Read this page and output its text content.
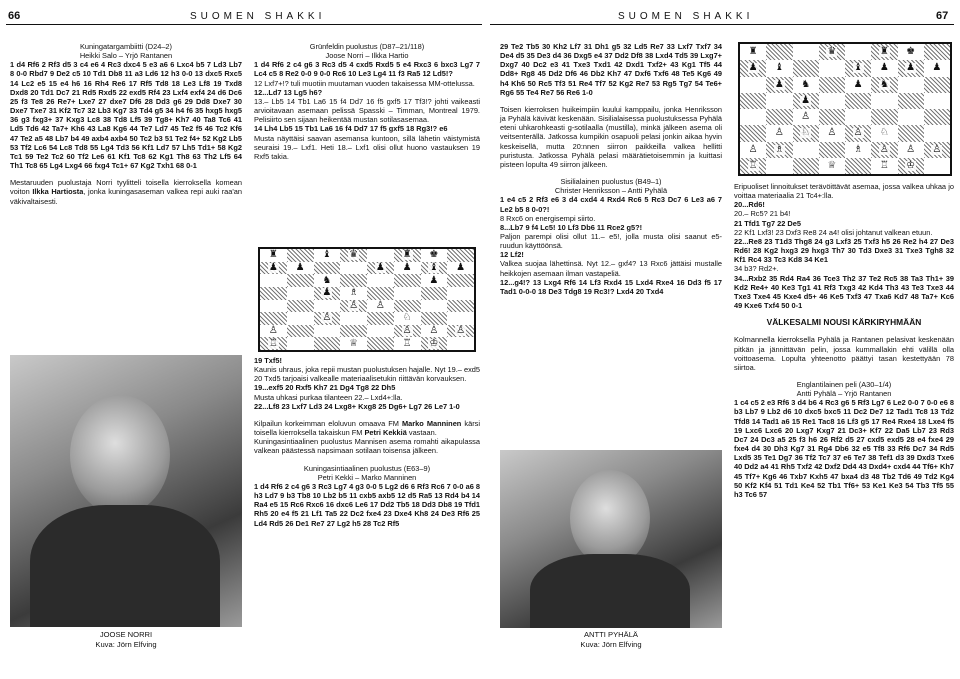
66	SUOMEN SHAKKI	SUOMEN SHAKKI	67

Kuningatargambiitti (D24–2)

Heikki Salo – Yrjö Rantanen

1 d4 Rf6 2 Rf3 d5 3 c4 e6 4 Rc3 dxc4 5 e3 a6 6 Lxc4 b5 7 Ld3 Lb7 8 0-0 Rbd7 9 De2 c5 10 Td1 Db8 11 a3 Ld6 12 h3 0-0 13 dxc5 Rxc5 14 Lc2 e5 15 e4 h6 16 Rh4 Re6 17 Rf5 Td8 18 Le3 Lf8 19 Txd8 Dxd8 20 Td1 Dc7 21 Rd5 Rxd5 22 exd5 Rf4 23 Lxf4 exf4 24 d6 Dc6 25 f3 Te8 26 Re7+ Lxe7 27 dxe7 Df6 28 Dd3 g6 29 Dd8 Dxe7 30 Dxe7 Txe7 31 Kf2 Tc7 32 Lb3 Kg7 33 Td4 g5 34 h4 f6 35 hxg5 hxg5 36 g3 fxg3+ 37 Kxg3 Lc8 38 Td8 Lf5 39 Tg8+ Kh7 40 Ta8 Tc6 41 Ld5 Td6 42 Ta7+ Kh6 43 La8 Kg6 44 Te7 Ld7 45 Te2 f5 46 Tc2 Kf6 47 Te2 a5 48 Lb7 b4 49 axb4 axb4 50 Tc2 b3 51 Te2 f4+ 52 Kg2 Lb5 53 Tf2 Lc6 54 Lc8 Td8 55 Lg4 Td3 56 Kf1 Ld7 57 Lh5 Td1+ 58 Kg2 Tc1 59 Te2 Tc2 60 Tf2 Le6 61 Kf1 Tc8 62 Kg1 Th8 63 Th2 Lf5 64 Th1 Tc8 65 Lg4 Lxg4 66 fxg4 Tc1+ 67 Kg2 Txh1 68 0-1

Mestaruuden puolustaja Norri tyylitteli toisella kierroksella komean voiton Ilkka Hartiosta, jonka kuningasaseman valkea repi auki raa'an väkivaltaisesti.

JOOSE NORRI
Kuva: Jörn Elfving

Grünfeldin puolustus (D87–21/118)

Joose Norri – Ilkka Hartio

1 d4 Rf6 2 c4 g6 3 Rc3 d5 4 cxd5 Rxd5 5 e4 Rxc3 6 bxc3 Lg7 7 Lc4 c5 8 Re2 0-0 9 0-0 Rc6 10 Le3 Lg4 11 f3 Ra5 12 Ld5!?

12 Lxf7+!? tuli muotiin muutaman vuoden takaisessa MM-ottelussa.

12...Ld7 13 Lg5 h6?

13.– Lb5 14 Tb1 La6 15 f4 Dd7 16 f5 gxf5 17 Tf3!? johti vaikeasti arvioitavaan asemaan pelissä Spasski – Timman, Montreal 1979. Pelisiirto sen sijaan heikentää mustan sotilasasemaa.

14 Lh4 Lb5 15 Tb1 La6 16 f4 Dd7 17 f5 gxf5 18 Rg3!? e6

Musta näyttäisi saavan asemansa kuntoon, sillä lähetin väistymistä seuraisi 19.– Lxf1. Heti 18.– Lxf1 olisi ollut huono vastauksen 19 Rxf5 takia.

♜	♝ ♛	♜ ♚
♟ ♟	♟ ♟ ♝ ♟
♞	♟
♟ ♗
♙ ♙
♙	♘
♙	♙ ♙ ♙
♖	♕	♖ ♔

19 Txf5!

Kaunis uhraus, joka repii mustan puolustuksen hajalle. Nyt 19.– exd5 20 Txd5 tarjoaisi valkealle materiaalisetukin riittävän korvauksen.

19...exf5 20 Rxf5 Kh7 21 Dg4 Tg8 22 Dh5

Musta uhkasi purkaa tilanteen 22.– Lxd4+:lla.

22...Lf8 23 Lxf7 Ld3 24 Lxg8+ Kxg8 25 Dg6+ Lg7 26 Le7 1-0

Kilpailun korkeimman eloluvun omaava FM Marko Manninen kärsi toisella kierroksella takaiskun FM Petri Kekkiä vastaan.

Kuningasintiaalinen puolustus Mannisen asema romahti aikapulassa valkean päästessä napsimaan sotilaan toisensa jälkeen.

Kuningasintiaalinen puolustus (E63–9)

Petri Kekki – Marko Manninen

1 d4 Rf6 2 c4 g6 3 Rc3 Lg7 4 g3 0-0 5 Lg2 d6 6 Rf3 Rc6 7 0-0 a6 8 h3 Ld7 9 b3 Tb8 10 Lb2 b5 11 cxb5 axb5 12 d5 Ra5 13 Rd4 b4 14 Ra4 e5 15 Rc6 Rxc6 16 dxc6 Le6 17 Dd2 Tb5 18 Dd3 Db8 19 Tfd1 Rh5 20 e4 f5 21 Lf1 Ta5 22 Dc2 fxe4 23 Dxe4 Kh8 24 De3 Rf6 25 Ld4 Rd5 26 De1 Re7 27 Lg2 h5 28 Tc2 Rf5

29 Te2 Tb5 30 Kh2 Lf7 31 Dh1 g5 32 Ld5 Re7 33 Lxf7 Txf7 34 De4 d5 35 De3 d4 36 Dxg5 e4 37 Dd2 Df8 38 Lxd4 Td5 39 Lxg7+ Dxg7 40 Dc2 e3 41 Txe3 Txd1 42 Dxd1 Txf2+ 43 Kg1 Tf5 44 Dd8+ Rg8 45 Dd2 Df6 46 Db2 Kh7 47 Dxf6 Txf6 48 Te5 Kg6 49 h4 Kh6 50 Rc5 Tf3 51 Re4 Tf7 52 Kg2 Re7 53 Rg5 Tg7 54 Te6+ Rg6 55 Te4 Re7 56 Re6 1-0

Toisen kierroksen huikeimpiin kuului kamppailu, jonka Henriksson ja Pyhälä kävivät keskenään. Sisilialaisessa puolustuksessa Pyhälä eteni uhkarohkeasti g-sotilaalla (mustilla), minkä jälkeen asema oli veitsenterällä. Jatkossa kumpikin osapuoli pelasi jonkin aikaa hyvin keskeisellä, mutta 20:nnen siirron paikkeilla valkea hellitti puristusta. Jatkossa Pyhälä pelasi määrätietoisemmin ja kuittasi pisteen lopulta 49 siirron jälkeen.

Sisilialainen puolustus (B49–1)

Christer Henriksson – Antti Pyhälä

1 e4 c5 2 Rf3 e6 3 d4 cxd4 4 Rxd4 Rc6 5 Rc3 Dc7 6 Le3 a6 7 Le2 b5 8 0-0?!

8 Rxc6 on energisempi siirto.

8...Lb7 9 f4 Lc5! 10 Lf3 Db6 11 Rce2 g5?!

Paljon parempi olisi ollut 11.– e5!, jolla musta olisi saanut e5-ruudun käyttöönsä.

12 Lf2!

Valkea suojaa lähettinsä. Nyt 12.– gxf4? 13 Rxc6 jättäisi mustalle heikkojen asemaan ilman vastapeliä.

12...g4!? 13 Lxg4 Rf6 14 Lf3 Rxd4 15 Lxd4 Rxe4 16 Dd3 f5 17 Tad1 0-0-0 18 De3 Tdg8 19 Rc3!? Lxd4 20 Txd4

ANTTI PYHÄLÄ
Kuva: Jörn Elfving
♜	♛	♜ ♚
♟ ♝	♝ ♟ ♟ ♟
♟ ♞	♟ ♞
♟
♙
♙ ♘ ♙ ♙ ♘
♙ ♗	♗ ♙ ♙ ♙
♖	♕	♖ ♔

Eripuoliset linnoitukset terävöittävät asemaa, jossa valkea uhkaa jo voittaa materiaalia 21 Tc4+:lla.

20...Rd6!

20.– Rc5? 21 b4!

21 Tfd1 Tg7 22 De5

22 Kf1 Lxf3! 23 Dxf3 Re8 24 a4! olisi johtanut valkean etuun.

22...Re8 23 T1d3 Thg8 24 g3 Lxf3 25 Txf3 h5 26 Re2 h4 27 De3 Rd6! 28 Kg2 hxg3 29 hxg3 Th7 30 Td3 Dxe3 31 Txe3 Tgh8 32 Kf1 Rc4 33 Tc3 Kd8 34 Ke1

34 b3? Rd2+.

34...Rxb2 35 Rd4 Ra4 36 Tce3 Th2 37 Te2 Rc5 38 Ta3 Th1+ 39 Kd2 Re4+ 40 Ke3 Tg1 41 Rf3 Txg3 42 Kd4 Th3 43 Te3 Txe3 44 Txe3 Txe4 45 Kxe4 d5+ 46 Ke5 Txf3 47 Txa6 Kd7 48 Ta7+ Kc6 49 Kxe6 Txf4 50 0-1

VÄLKESALMI NOUSI KÄRKIRYHMÄÄN

Kolmannella kierroksella Pyhälä ja Rantanen pelasivat keskenään pitkän ja jännittävän pelin, jossa kummallakin ehti välillä olla voittoasema. Lopulta yhteenotto päättyi tasan kestettyään 78 siirtoa.

Englantilainen peli (A30–1/4)

Antti Pyhälä – Yrjö Rantanen

1 c4 c5 2 e3 Rf6 3 d4 b6 4 Rc3 g6 5 Rf3 Lg7 6 Le2 0-0 7 0-0 e6 8 b3 Lb7 9 Lb2 d6 10 dxc5 bxc5 11 Dc2 De7 12 Tad1 Tc8 13 Td2 Tfd8 14 Tad1 a6 15 Re1 Tac8 16 Lf3 g5 17 Re4 Rxe4 18 Lxe4 f5 19 Lxc6 Lxc6 20 Lxg7 Kxg7 21 Dc3+ Kf7 22 Da5 Lb7 23 Rd3 Dc7 24 Dc3 a5 25 f3 h6 26 Rf2 d5 27 cxd5 exd5 28 e4 fxe4 29 fxe4 d4 30 Dh3 Kg7 31 Rg4 Db6 32 e5 Tf8 33 Rf6 Dc7 34 Rd5 Lxd5 35 Te1 Dg7 36 Tf2 Tc7 37 e6 Te7 38 Tef1 d3 39 Dxd3 Txe6 40 Dd2 a4 41 Rh5 Txf2 42 Dxf2 Dd4 43 Dxd4+ cxd4 44 Tf6+ Kh7 45 Tf7+ Kg6 46 Txb7 Kxh5 47 bxa4 d3 48 Tb2 Td6 49 Td2 Kg4 50 Kf2 Kf4 51 Td1 Ke4 52 Tb1 Tf6+ 53 Ke1 Ke3 54 Tb3 Tf5 55 h3 Tc6 57
